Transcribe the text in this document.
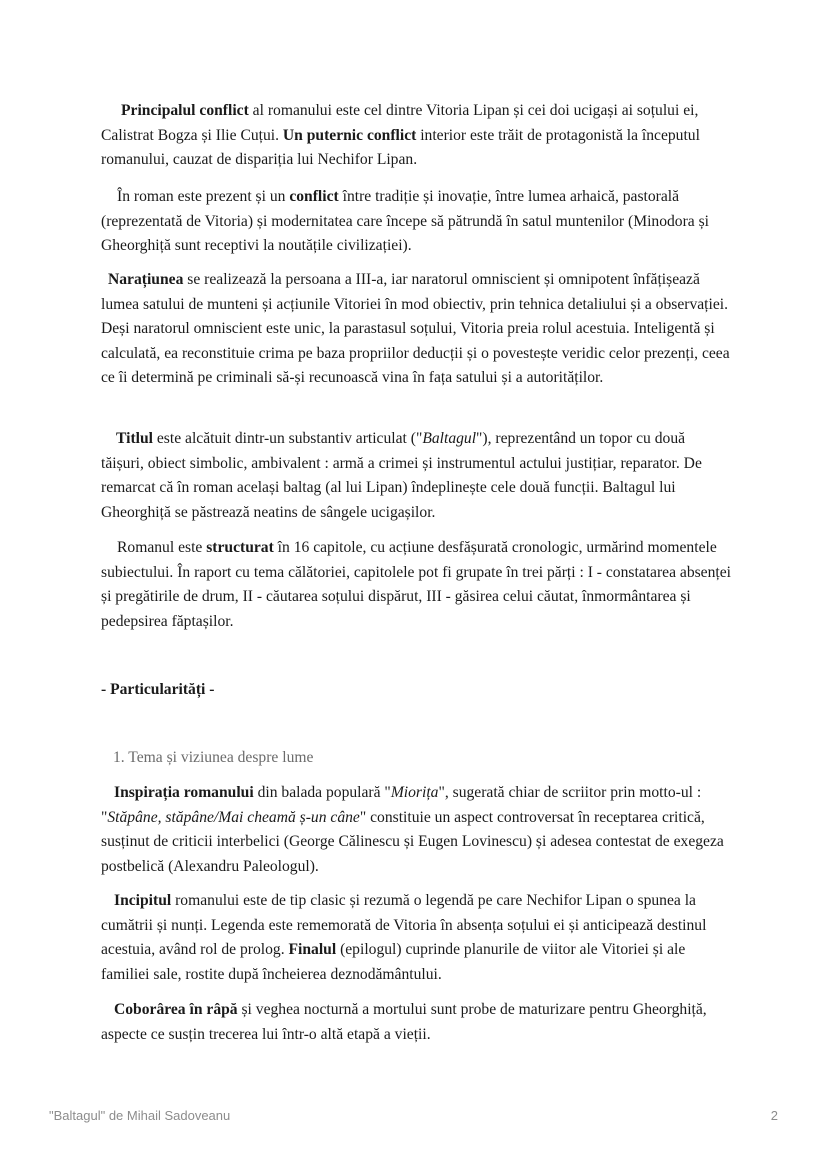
Principalul conflict al romanului este cel dintre Vitoria Lipan și cei doi ucigași ai soțului ei, Calistrat Bogza și Ilie Cuțui. Un puternic conflict interior este trăit de protagonistă la începutul romanului, cauzat de dispariția lui Nechifor Lipan.

În roman este prezent și un conflict între tradiție și inovație, între lumea arhaică, pastorală (reprezentată de Vitoria) și modernitatea care începe să pătrundă în satul muntenilor (Minodora și Gheorghiță sunt receptivi la noutățile civilizației).

Narațiunea se realizează la persoana a III-a, iar naratorul omniscient și omnipotent înfățișează lumea satului de munteni și acțiunile Vitoriei în mod obiectiv, prin tehnica detaliului și a observației. Deși naratorul omniscient este unic, la parastasul soțului, Vitoria preia rolul acestuia. Inteligentă și calculată, ea reconstituie crima pe baza propriilor deducții și o povestește veridic celor prezenți, ceea ce îi determină pe criminali să-și recunoască vina în fața satului și a autorităților.

Titlul este alcătuit dintr-un substantiv articulat ("Baltagul"), reprezentând un topor cu două tăișuri, obiect simbolic, ambivalent : armă a crimei și instrumentul actului justițiar, reparator. De remarcat că în roman același baltag (al lui Lipan) îndeplinește cele două funcții. Baltagul lui Gheorghiță se păstrează neatins de sângele ucigașilor.

Romanul este structurat în 16 capitole, cu acțiune desfășurată cronologic, urmărind momentele subiectului. În raport cu tema călătoriei, capitolele pot fi grupate în trei părți : I - constatarea absenței și pregătirile de drum, II - căutarea soțului dispărut, III - găsirea celui căutat, înmormântarea și pedepsirea făptașilor.

- Particularități -

1. Tema și viziunea despre lume

Inspirația romanului din balada populară "Miorița", sugerată chiar de scriitor prin motto-ul : "Stăpâne, stăpâne/Mai cheamă ș-un câne" constituie un aspect controversat în receptarea critică, susținut de criticii interbelici (George Călinescu și Eugen Lovinescu) și adesea contestat de exegeza postbelică (Alexandru Paleologul).

Incipitul romanului este de tip clasic și rezumă o legendă pe care Nechifor Lipan o spunea la cumătrii și nunți. Legenda este rememorată de Vitoria în absența soțului ei și anticipează destinul acestuia, având rol de prolog. Finalul (epilogul) cuprinde planurile de viitor ale Vitoriei și ale familiei sale, rostite după încheierea deznodământului.

Coborârea în râpă și veghea nocturnă a mortului sunt probe de maturizare pentru Gheorghiță, aspecte ce susțin trecerea lui într-o altă etapă a vieții.

"Baltagul" de Mihail Sadoveanu	2
